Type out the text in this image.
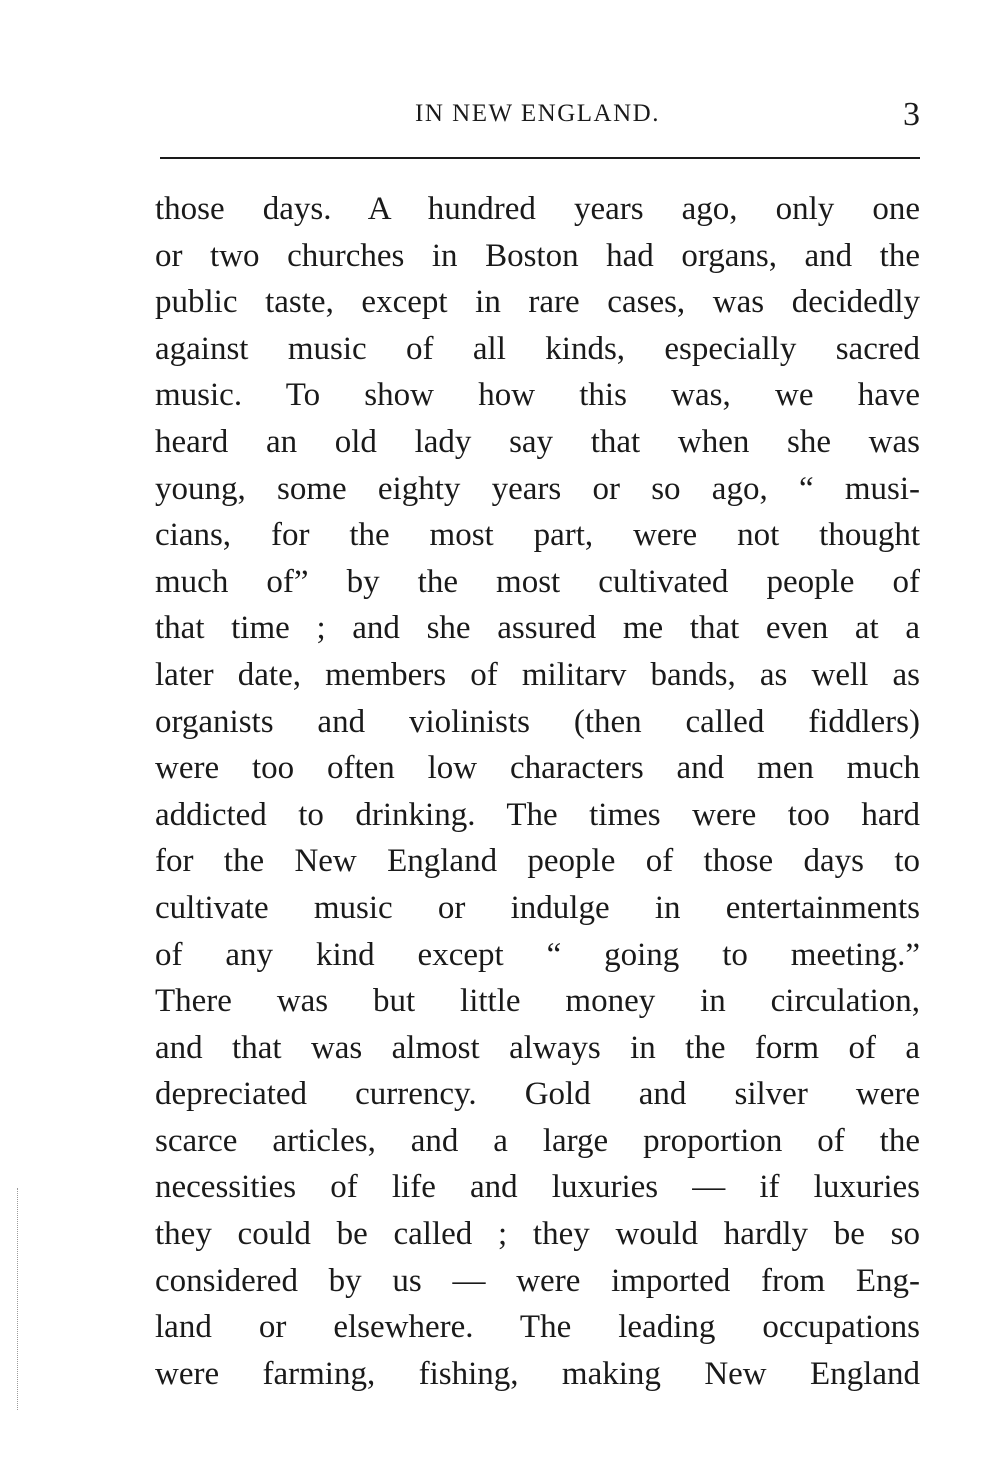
IN NEW ENGLAND.	3
those days. A hundred years ago, only one
or two churches in Boston had organs, and the
public taste, except in rare cases, was decidedly
against music of all kinds, especially sacred
music. To show how this was, we have
heard an old lady say that when she was
young, some eighty years or so ago, “ musi-
cians, for the most part, were not thought
much of” by the most cultivated people of
that time ; and she assured me that even at a
later date, members of militarv bands, as well as
organists and violinists (then called fiddlers)
were too often low characters and men much
addicted to drinking. The times were too hard
for the New England people of those days to
cultivate music or indulge in entertainments
of any kind except “ going to meeting.”
There was but little money in circulation,
and that was almost always in the form of a
depreciated currency. Gold and silver were
scarce articles, and a large proportion of the
necessities of life and luxuries — if luxuries
they could be called ; they would hardly be so
considered by us — were imported from Eng-
land or elsewhere. The leading occupations
were farming, fishing, making New England
